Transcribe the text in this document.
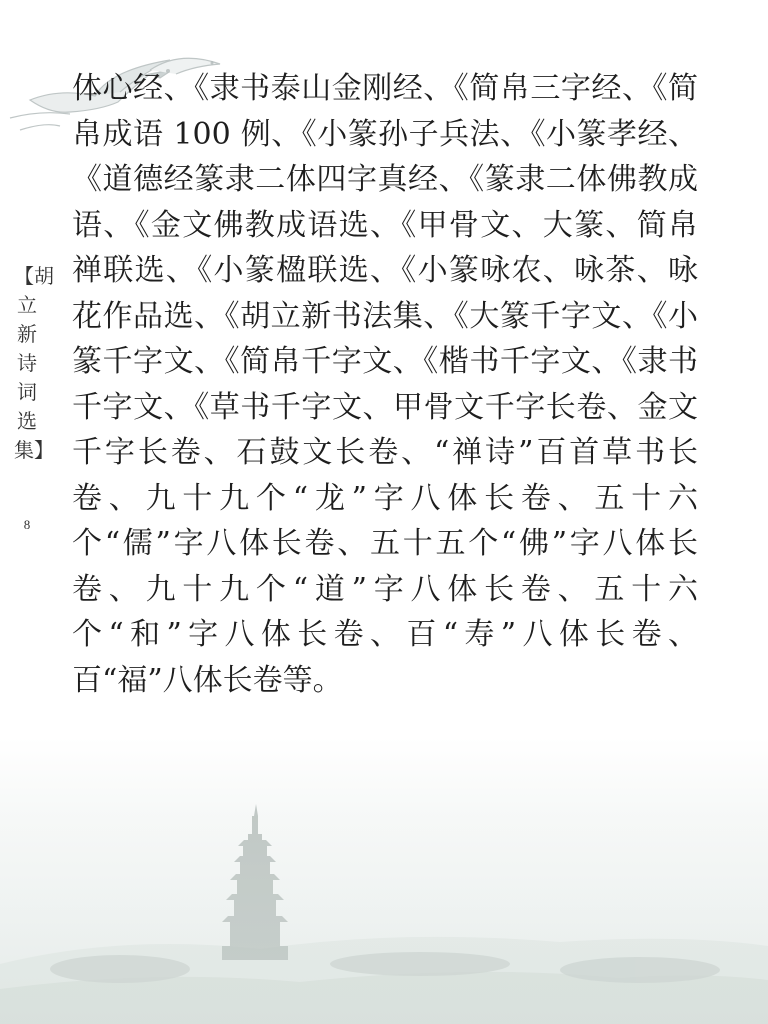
【胡立新诗词选集】
8

体心经、《隶书泰山金刚经、《简帛三字经、《简帛成语 100 例、《小篆孙子兵法、《小篆孝经、《道德经篆隶二体四字真经、《篆隶二体佛教成语、《金文佛教成语选、《甲骨文、大篆、简帛禅联选、《小篆楹联选、《小篆咏农、咏茶、咏花作品选、《胡立新书法集、《大篆千字文、《小篆千字文、《简帛千字文、《楷书千字文、《隶书千字文、《草书千字文、甲骨文千字长卷、金文千字长卷、石鼓文长卷、“禅诗”百首草书长卷、九十九个“龙”字八体长卷、五十六个“儒”字八体长卷、五十五个“佛”字八体长卷、九十九个“道”字八体长卷、五十六个“和”字八体长卷、百“寿”八体长卷、百“福”八体长卷等。
